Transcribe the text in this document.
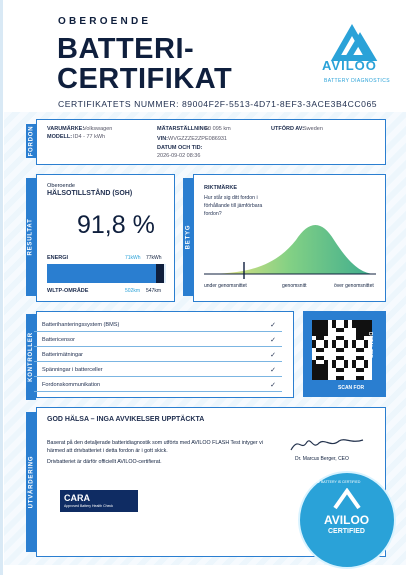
OBEROENDE
BATTERI-
CERTIFIKAT
CERTIFIKATETS NUMMER: 89004F2F-5513-4D71-8EF3-3ACE3B4CC065
AVILOO
BATTERY DIAGNOSTICS
FORDON VARUMÄRKE:
Volkswagen
MODELL: ID4 - 77 kWh
MÄTARSTÄLLNING:
60 095 km
VIN: WVGZZZE2ZPE086931
DATUM OCH TID:
2026-09-02 08:36
UTFÖRD AV: Sweden
RESULTAT
Oberoende
HÄLSOTILLSTÅND (SOH)
91,8 %
ENERGI	71kWh 77kWh
WLTP-OMRÅDE	502km 547km
BETYG
RIKTMÄRKE
Hur står sig ditt fordon i förhållande till jämförbara fordon?
under genomsnittet	genomsnitt	över genomsnittet
KONTROLLER
Batterihanteringssystem (BMS)	✓
Battericensor	✓
Batterimätningar	✓
Spänningar i batterceller	✓
Fordonskommunikation	✓
DETALJER
SCAN FOR
UTVÄRDERING
GOD HÄLSA – INGA AVVIKELSER UPPTÄCKTA
Baserat på den detaljerade batteridiagnostik som utförts med AVILOO FLASH Test intyger vi härmed att drivbatteriet i detta fordon är i gott skick.
Drivbatteriet är därför officiellt AVILOO-certifierat.	Dr. Marcus Berger, CEO
CARA
Approved Battery Health Check
AVILOO
CERTIFIED
THE BATTERY IS CERTIFIED
